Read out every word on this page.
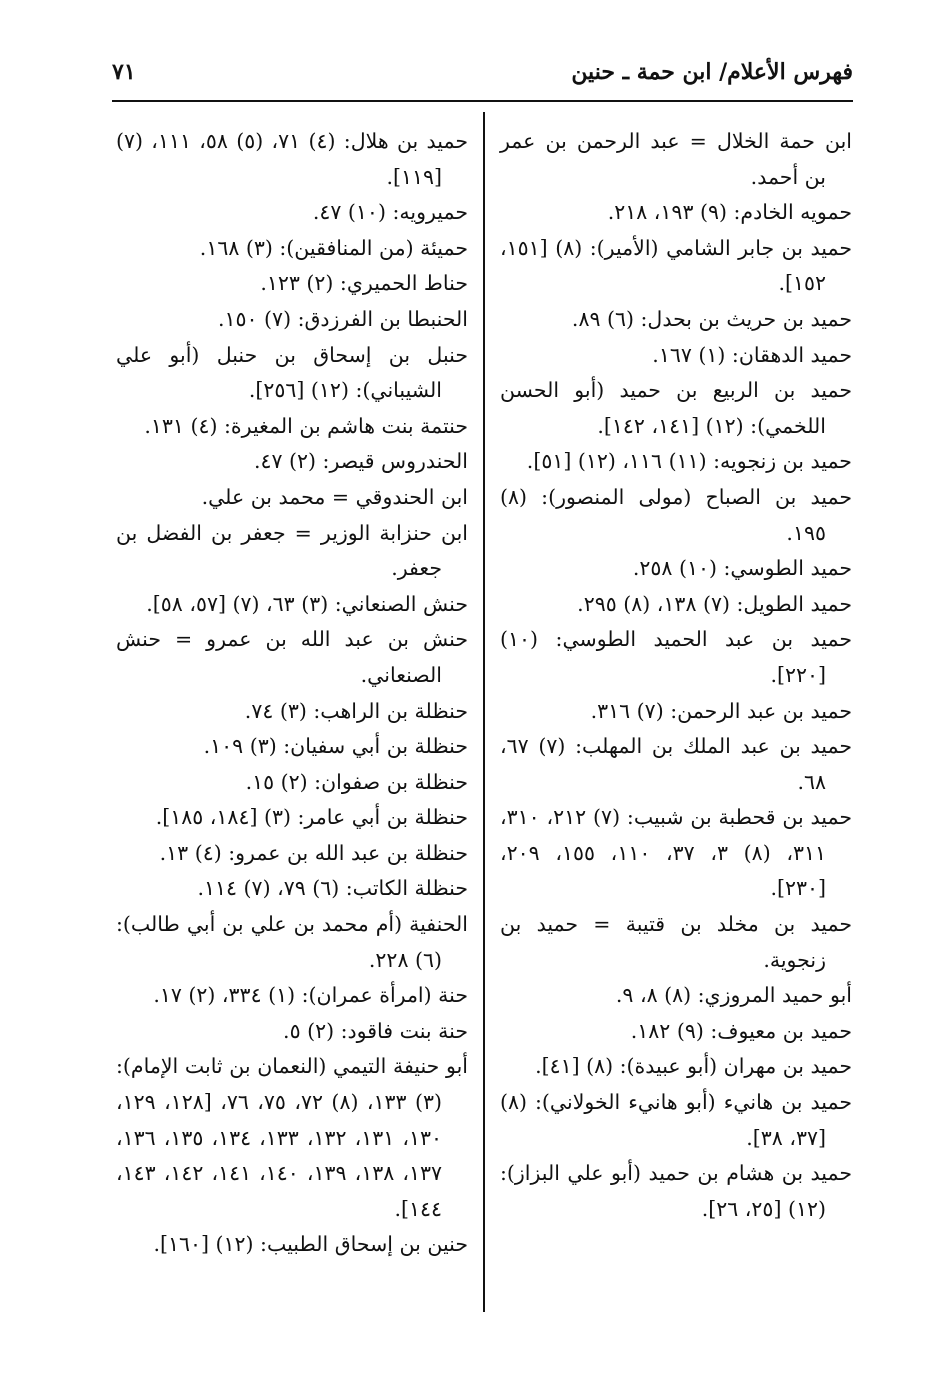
فهرس الأعلام/ ابن حمة ـ حنين
٧١

ابن حمة الخلال = عبد الرحمن بن عمر بن أحمد.

حمويه الخادم: (٩) ١٩٣، ٢١٨.

حميد بن جابر الشامي (الأمير): (٨) [١٥١، ١٥٢].

حميد بن حريث بن بحدل: (٦) ٨٩.

حميد الدهقان: (١) ١٦٧.

حميد بن الربيع بن حميد (أبو الحسن اللخمي): (١٢) [١٤١، ١٤٢].

حميد بن زنجويه: (١١) ١١٦، (١٢) [٥١].

حميد بن الصباح (مولى المنصور): (٨) ١٩٥.

حميد الطوسي: (١٠) ٢٥٨.

حميد الطويل: (٧) ١٣٨، (٨) ٢٩٥.

حميد بن عبد الحميد الطوسي: (١٠) [٢٢٠].

حميد بن عبد الرحمن: (٧) ٣١٦.

حميد بن عبد الملك بن المهلب: (٧) ٦٧، ٦٨.

حميد بن قحطبة بن شبيب: (٧) ٢١٢، ٣١٠، ٣١١، (٨) ٣، ٣٧، ١١٠، ١٥٥، ٢٠٩، [٢٣٠].

حميد بن مخلد بن قتيبة = حميد بن زنجوية.

أبو حميد المروزي: (٨) ٨، ٩.

حميد بن معيوف: (٩) ١٨٢.

حميد بن مهران (أبو عبيدة): (٨) [٤١].

حميد بن هانيء (أبو هانيء الخولاني): (٨) [٣٧، ٣٨].

حميد بن هشام بن حميد (أبو علي البزاز): (١٢) [٢٥، ٢٦].

حميد بن هلال: (٤) ٧١، (٥) ٥٨، ١١١، (٧) [١١٩].

حميرويه: (١٠) ٤٧.

حميئة (من المنافقين): (٣) ١٦٨.

حناط الحميري: (٢) ١٢٣.

الحنبطا بن الفرزدق: (٧) ١٥٠.

حنبل بن إسحاق بن حنبل (أبو علي الشيباني): (١٢) [٢٥٦].

حنتمة بنت هاشم بن المغيرة: (٤) ١٣١.

الحندروس قيصر: (٢) ٤٧.

ابن الحندوقي = محمد بن علي.

ابن حنزابة الوزير = جعفر بن الفضل بن جعفر.

حنش الصنعاني: (٣) ٦٣، (٧) [٥٧، ٥٨].

حنش بن عبد الله بن عمرو = حنش الصنعاني.

حنظلة بن الراهب: (٣) ٧٤.

حنظلة بن أبي سفيان: (٣) ١٠٩.

حنظلة بن صفوان: (٢) ١٥.

حنظلة بن أبي عامر: (٣) [١٨٤، ١٨٥].

حنظلة بن عبد الله بن عمرو: (٤) ١٣.

حنظلة الكاتب: (٦) ٧٩، (٧) ١١٤.

الحنفية (أم محمد بن علي بن أبي طالب): (٦) ٢٢٨.

حنة (امرأة عمران): (١) ٣٣٤، (٢) ١٧.

حنة بنت فاقود: (٢) ٥.

أبو حنيفة التيمي (النعمان بن ثابت الإمام): (٣) ١٣٣، (٨) ٧٢، ٧٥، ٧٦، [١٢٨، ١٢٩، ١٣٠، ١٣١، ١٣٢، ١٣٣، ١٣٤، ١٣٥، ١٣٦، ١٣٧، ١٣٨، ١٣٩، ١٤٠، ١٤١، ١٤٢، ١٤٣، ١٤٤].

حنين بن إسحاق الطبيب: (١٢) [١٦٠].
